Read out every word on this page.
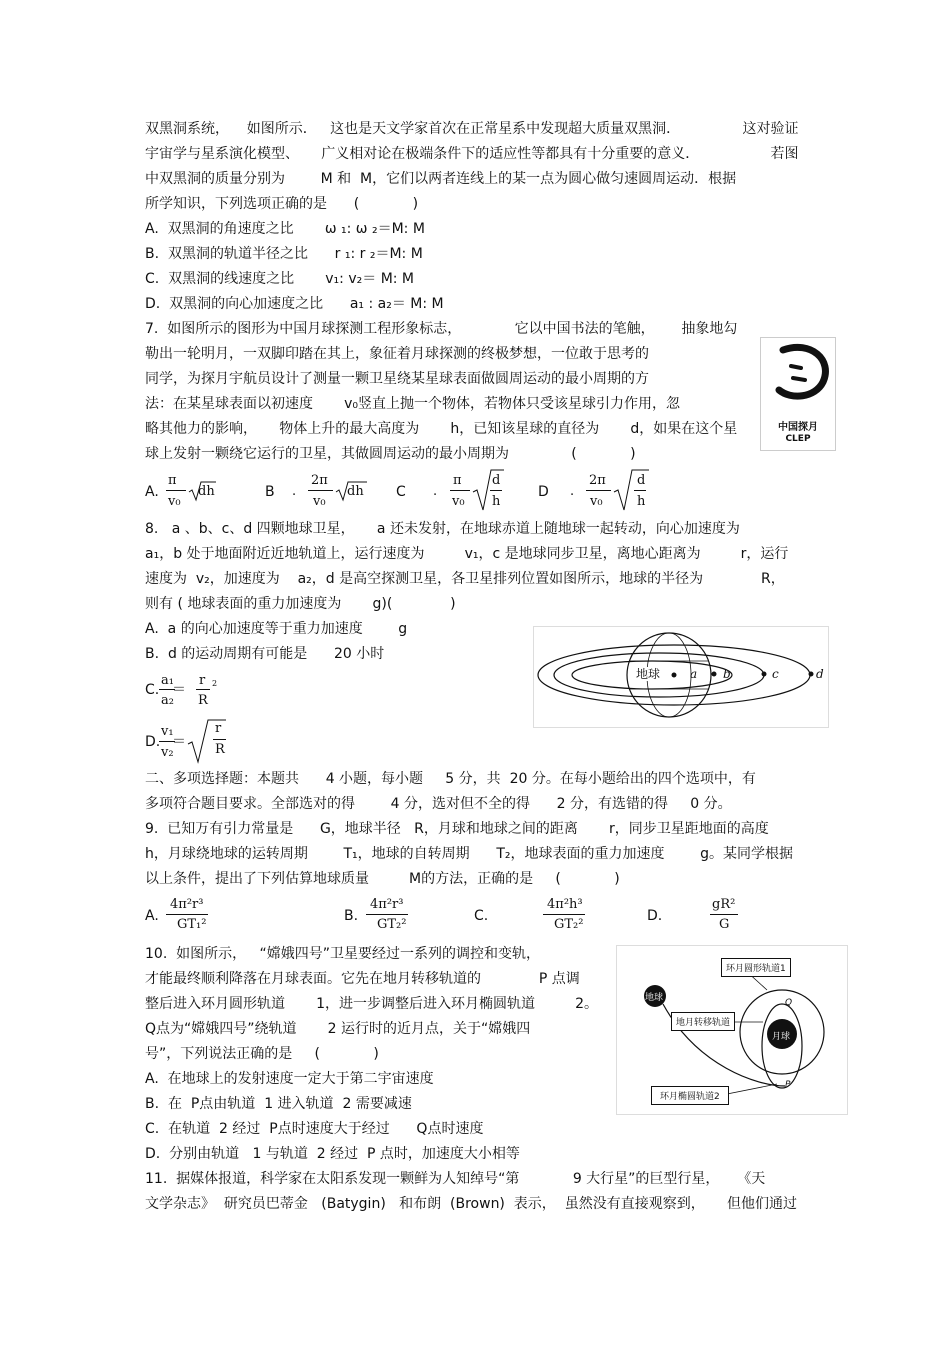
双黑洞系统，    如图所示．   这也是天文学家首次在正常星系中发现超大质量双黑洞．              这对验证
宇宙学与星系演化模型、     广义相对论在极端条件下的适应性等都具有十分重要的意义．                若图
中双黑洞的质量分别为        M 和  M，它们以两者连线上的某一点为圆心做匀速圆周运动．根据
所学知识，下列选项正确的是      (            )
A.  双黑洞的角速度之比       ω ₁: ω ₂＝M: M
B.  双黑洞的轨道半径之比      r ₁: r ₂＝M: M
C.  双黑洞的线速度之比       v₁: v₂＝ M: M
D.  双黑洞的向心加速度之比      a₁ : a₂＝ M: M
7.  如图所示的图形为中国月球探测工程形象标志，            它以中国书法的笔触，      抽象地勾
勒出一轮明月，一双脚印踏在其上，象征着月球探测的终极梦想，一位敢于思考的
同学，为探月宇航员设计了测量一颗卫星绕某星球表面做圆周运动的最小周期的方
法：在某星球表面以初速度       v₀竖直上抛一个物体，若物体只受该星球引力作用，忽
略其他力的影响，     物体上升的最大高度为       h，已知该星球的直径为       d，如果在这个星
球上发射一颗绕它运行的卫星，其做圆周运动的最小周期为              (            )
A.
π
v₀
dh	B .
2π
v₀
dh C .
π
v₀
d
h
D .
2π
v₀
d
h
8.   a 、b、c、d 四颗地球卫星，     a 还未发射，在地球赤道上随地球一起转动，向心加速度为
a₁，b 处于地面附近近地轨道上，运行速度为         v₁，c 是地球同步卫星，离地心距离为         r，运行
速度为  v₂，加速度为    a₂，d 是高空探测卫星，各卫星排列位置如图所示，地球的半径为             R，
则有 ( 地球表面的重力加速度为       g)(             )
A.  a 的向心加速度等于重力加速度        g
B.  d 的运动周期有可能是      20 小时
C.
a₁
a₂
＝
r
R
2
D.
v₁
v₂
＝
r
R
二、多项选择题：本题共      4 小题，每小题     5 分，共  20 分。在每小题给出的四个选项中，有
多项符合题目要求。全部选对的得        4 分，选对但不全的得      2 分，有选错的得     0 分。
9.  已知万有引力常量是      G，地球半径   R，月球和地球之间的距离       r，同步卫星距地面的高度
h，月球绕地球的运转周期        T₁，地球的自转周期      T₂，地球表面的重力加速度        g。某同学根据
以上条件，提出了下列估算地球质量         M的方法，正确的是     (            )
A.
4π²r³
GT₁²
B.
4π²r³
GT₂²
C.
4π²h³
GT₂²
D.
gR²
G
10.  如图所示，   “嫦娥四号”卫星要经过一系列的调控和变轨，
才能最终顺利降落在月球表面。它先在地月转移轨道的             P 点调
整后进入环月圆形轨道       1，进一步调整后进入环月椭圆轨道         2。
Q点为“嫦娥四号”绕轨道       2 运行时的近月点，关于“嫦娥四
号”，下列说法正确的是     (            )
A.  在地球上的发射速度一定大于第二宇宙速度
B.  在  P点由轨道  1 进入轨道  2 需要减速
C.  在轨道  2 经过  P点时速度大于经过      Q点时速度
D.  分别由轨道   1 与轨道  2 经过  P 点时，加速度大小相等
11.  据媒体报道，科学家在太阳系发现一颗鲜为人知绰号“第            9 大行星”的巨型行星，    《天
文学杂志》  研究员巴蒂金   (Batygin)   和布朗  (Brown)  表示，  虽然没有直接观察到，     但他们通过
中国探月
CLEP
地球 a b	c	d
环月圆形轨道1
地球
地月转移轨道
月球
Q
P
环月椭圆轨道2
